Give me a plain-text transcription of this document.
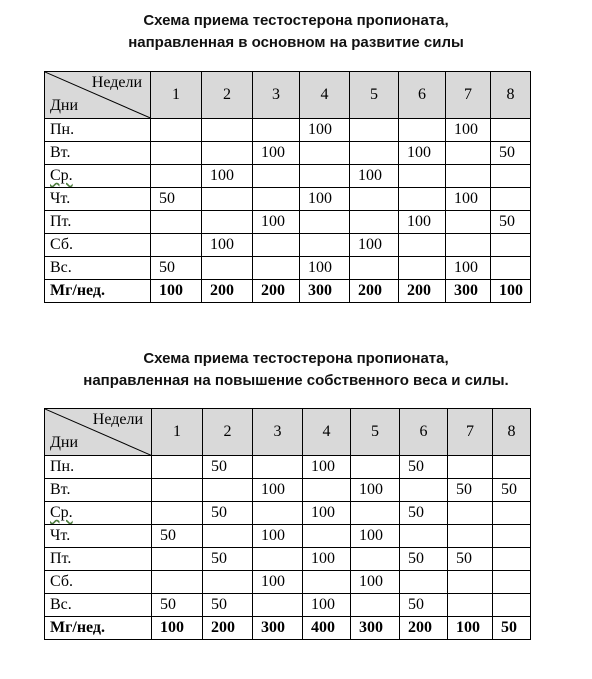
Схема приема тестостерона пропионата,
направленная в основном на развитие силы
Недели
Дни	1	2	3	4	5	6	7	8
Пн.				100			100	
Вт.			100			100		50
Ср.		100			100			
Чт.	50			100			100	
Пт.			100			100		50
Сб.		100			100			
Вс.	50			100			100	
Мг/нед.	100	200	200	300	200	200	300	100
Схема приема тестостерона пропионата,
направленная на повышение собственного веса и силы.
Недели
Дни	1	2	3	4	5	6	7	8
Пн.		50		100		50		
Вт.			100		100		50	50
Ср.		50		100		50		
Чт.	50		100		100			
Пт.		50		100		50	50	
Сб.			100		100			
Вс.	50	50		100		50		
Мг/нед.	100	200	300	400	300	200	100	50
